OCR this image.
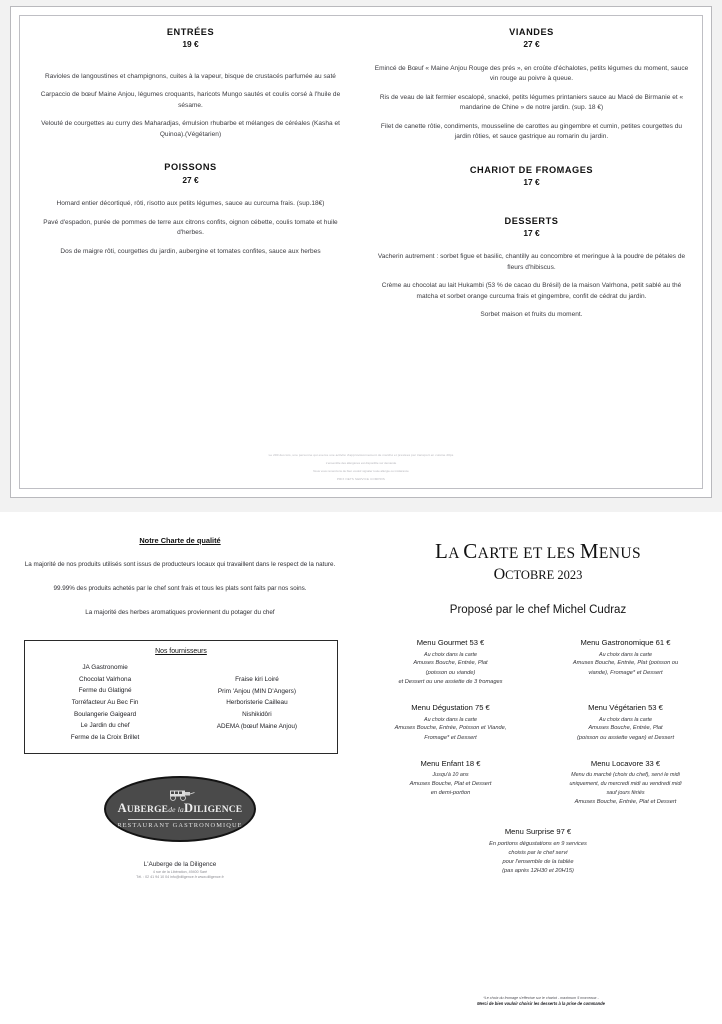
ENTRÉES
19 €
Ravioles de langoustines et champignons, cuites à la vapeur, bisque de crustacés parfumée au saté
Carpaccio de bœuf Maine Anjou, légumes croquants, haricots Mungo sautés et coulis corsé à l'huile de sésame.
Velouté de courgettes au curry des Maharadjas, émulsion rhubarbe et mélanges de céréales (Kasha et Quinoa).(Végétarien)
POISSONS
27 €
Homard entier décortiqué, rôti, risotto aux petits légumes, sauce au curcuma frais. (sup.18€)
Pavé d'espadon, purée de pommes de terre aux citrons confits, oignon cébette, coulis tomate et huile d'herbes.
Dos de maigre rôti, courgettes du jardin, aubergine et tomates confites, sauce aux herbes
VIANDES
27 €
Emincé de Bœuf « Maine Anjou Rouge des prés », en croûte d'échalotes, petits légumes du moment, sauce vin rouge au poivre à queue.
Ris de veau de lait fermier escalopé, snacké, petits légumes printaniers sauce au Macé de Birmanie et « mandarine de Chine » de notre jardin. (sup. 18 €)
Filet de canette rôtie, condiments, mousseline de carottes au gingembre et cumin, petites courgettes du jardin rôties, et sauce gastrique au romarin du jardin.
CHARIOT DE FROMAGES
17 €
DESSERTS
17 €
Vacherin autrement : sorbet figue et basilic, chantilly au concombre et meringue à la poudre de pétales de fleurs d'hibiscus.
Crème au chocolat au lait Hukambi (53 % de cacao du Brésil) de la maison Valrhona, petit sablé au thé matcha et sorbet orange curcuma frais et gingembre, confit de cédrat du jardin.
Sorbet maison et fruits du moment.
Le 200 des lois, une personne qui exerce une activité d'approvisionnement de marché et prestées par transport en cuisine 20ps
L'ensemble des allergènes est disponible sur demande
Nous vous remercions de bien vouloir signaler toute allergie ou intolérance
PRIX NETS SERVICE COMPRIS
Notre Charte de qualité
La majorité de nos produits utilisés sont issus de producteurs locaux qui travaillent dans le respect de la nature.
99.99% des produits achetés par le chef sont frais et tous les plats sont faits par nos soins.
La majorité des herbes aromatiques proviennent du potager du chef
Nos fournisseurs
JA Gastronomie
Chocolat Valrhona
Ferme du Glatigné
Torréfacteur Au Bec Fin
Boulangerie Gaigeard
Le Jardin du chef
Ferme de la Croix Brillet
Fraise kiri Loiré
Prim 'Anjou (MIN D'Angers)
Herboristerie Cailleau
Nishikidôri
ADEMA (bœuf Maine Anjou)
AUBERGEde laDILIGENCE
RESTAURANT GASTRONOMIQUE
L'Auberge de la Diligence
4 rue de la Libération, 49400 Saré
Tél. : 02 41 94 10 04 info@diligence.fr www.diligence.fr
LA CARTE ET LES MENUS
OCTOBRE 2023
Proposé par le chef Michel Cudraz
Menu Gourmet 53 €
Au choix dans la carte
Amuses Bouche, Entrée, Plat
(poisson ou viande)
et Dessert ou une assiette de 3 fromages
Menu Gastronomique 61 €
Au choix dans la carte
Amuses Bouche, Entrée, Plat (poisson ou
viande), Fromage* et Dessert
Menu Dégustation 75 €
Au choix dans la carte
Amuses Bouche, Entrée, Poisson et Viande,
Fromage* et Dessert
Menu Végétarien 53 €
Au choix dans la carte
Amuses Bouche, Entrée, Plat
(poisson ou assiette vegan) et Dessert
Menu Enfant 18 €
Jusqu'à 10 ans
Amuses Bouche, Plat et Dessert
en demi-portion
Menu Locavore 33 €
Menu du marché (choix du chef), servi le midi
uniquement, du mercredi midi au vendredi midi
sauf jours fériés
Amuses Bouche, Entrée, Plat et Dessert
Menu Surprise 97 €
En portions dégustations en 9 services
choisis par le chef servi
pour l'ensemble de la tablée
(pas après 12H30 et 20H15)
*Le choix du fromage s'effectue sur le chariot - maximum 5 morceaux -
Merci de bien vouloir choisir les desserts à la prise de commande
